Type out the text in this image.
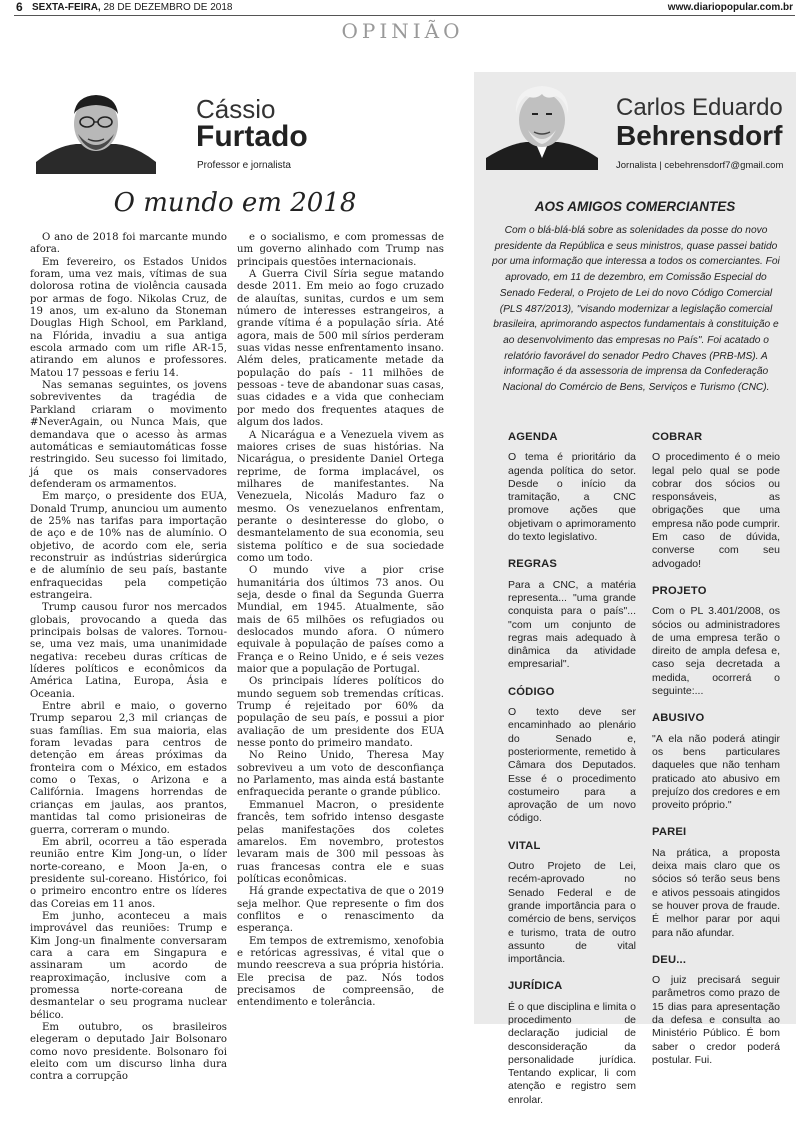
6 SEXTA-FEIRA, 28 DE DEZEMBRO DE 2018	www.diariopopular.com.br
OPINIÃO
Cássio
Furtado
Professor e jornalista
Carlos Eduardo
Behrensdorf
Jornalista | cebehrensdorf7@gmail.com
O mundo em 2018

O ano de 2018 foi marcante mundo afora.

Em fevereiro, os Estados Unidos foram, uma vez mais, vítimas de sua dolorosa rotina de violência causada por armas de fogo. Nikolas Cruz, de 19 anos, um ex-aluno da Stoneman Douglas High School, em Parkland, na Flórida, invadiu a sua antiga escola armado com um rifle AR-15, atirando em alunos e professores. Matou 17 pessoas e feriu 14.

Nas semanas seguintes, os jovens sobreviventes da tragédia de Parkland criaram o movimento #NeverAgain, ou Nunca Mais, que demandava que o acesso às armas automáticas e semiautomáticas fosse restringido. Seu sucesso foi limitado, já que os mais conservadores defenderam os armamentos.

Em março, o presidente dos EUA, Donald Trump, anunciou um aumento de 25% nas tarifas para importação de aço e de 10% nas de alumínio. O objetivo, de acordo com ele, seria reconstruir as indústrias siderúrgica e de alumínio de seu país, bastante enfraquecidas pela competição estrangeira.

Trump causou furor nos mercados globais, provocando a queda das principais bolsas de valores. Tornou-se, uma vez mais, uma unanimidade negativa: recebeu duras críticas de líderes políticos e econômicos da América Latina, Europa, Ásia e Oceania.

Entre abril e maio, o governo Trump separou 2,3 mil crianças de suas famílias. Em sua maioria, elas foram levadas para centros de detenção em áreas próximas da fronteira com o México, em estados como o Texas, o Arizona e a Califórnia. Imagens horrendas de crianças em jaulas, aos prantos, mantidas tal como prisioneiras de guerra, correram o mundo.

Em abril, ocorreu a tão esperada reunião entre Kim Jong-un, o líder norte-coreano, e Moon Ja-en, o presidente sul-coreano. Histórico, foi o primeiro encontro entre os líderes das Coreias em 11 anos.

Em junho, aconteceu a mais improvável das reuniões: Trump e Kim Jong-un finalmente conversaram cara a cara em Singapura e assinaram um acordo de reaproximação, inclusive com a promessa norte-coreana de desmantelar o seu programa nuclear bélico.

Em outubro, os brasileiros elegeram o deputado Jair Bolsonaro como novo presidente. Bolsonaro foi eleito com um discurso linha dura contra a corrupção

e o socialismo, e com promessas de um governo alinhado com Trump nas principais questões internacionais.

A Guerra Civil Síria segue matando desde 2011. Em meio ao fogo cruzado de alauítas, sunitas, curdos e um sem número de interesses estrangeiros, a grande vítima é a população síria. Até agora, mais de 500 mil sírios perderam suas vidas nesse enfrentamento insano. Além deles, praticamente metade da população do país - 11 milhões de pessoas - teve de abandonar suas casas, suas cidades e a vida que conheciam por medo dos frequentes ataques de algum dos lados.

A Nicarágua e a Venezuela vivem as maiores crises de suas histórias. Na Nicarágua, o presidente Daniel Ortega reprime, de forma implacável, os milhares de manifestantes. Na Venezuela, Nicolás Maduro faz o mesmo. Os venezuelanos enfrentam, perante o desinteresse do globo, o desmantelamento de sua economia, seu sistema político e de sua sociedade como um todo.

O mundo vive a pior crise humanitária dos últimos 73 anos. Ou seja, desde o final da Segunda Guerra Mundial, em 1945. Atualmente, são mais de 65 milhões os refugiados ou deslocados mundo afora. O número equivale à população de países como a França e o Reino Unido, e é seis vezes maior que a população de Portugal.

Os principais líderes políticos do mundo seguem sob tremendas críticas. Trump é rejeitado por 60% da população de seu país, e possui a pior avaliação de um presidente dos EUA nesse ponto do primeiro mandato.

No Reino Unido, Theresa May sobreviveu a um voto de desconfiança no Parlamento, mas ainda está bastante enfraquecida perante o grande público.

Emmanuel Macron, o presidente francês, tem sofrido intenso desgaste pelas manifestações dos coletes amarelos. Em novembro, protestos levaram mais de 300 mil pessoas às ruas francesas contra ele e suas políticas econômicas.

Há grande expectativa de que o 2019 seja melhor. Que represente o fim dos conflitos e o renascimento da esperança.

Em tempos de extremismo, xenofobia e retóricas agressivas, é vital que o mundo reescreva a sua própria história. Ele precisa de paz. Nós todos precisamos de compreensão, de entendimento e tolerância.

AOS AMIGOS COMERCIANTES
Com o blá-blá-blá sobre as solenidades da posse do novo presidente da República e seus ministros, quase passei batido por uma informação que interessa a todos os comerciantes. Foi aprovado, em 11 de dezembro, em Comissão Especial do Senado Federal, o Projeto de Lei do novo Código Comercial (PLS 487/2013), "visando modernizar a legislação comercial brasileira, aprimorando aspectos fundamentais à constituição e ao desenvolvimento das empresas no País". Foi acatado o relatório favorável do senador Pedro Chaves (PRB-MS). A informação é da assessoria de imprensa da Confederação Nacional do Comércio de Bens, Serviços e Turismo (CNC).
AGENDA
O tema é prioritário da agenda política do setor. Desde o início da tramitação, a CNC promove ações que objetivam o aprimoramento do texto legislativo.
REGRAS
Para a CNC, a matéria representa... "uma grande conquista para o país"... "com um conjunto de regras mais adequado à dinâmica da atividade empresarial".
CÓDIGO
O texto deve ser encaminhado ao plenário do Senado e, posteriormente, remetido à Câmara dos Deputados. Esse é o procedimento costumeiro para a aprovação de um novo código.
VITAL
Outro Projeto de Lei, recém-aprovado no Senado Federal e de grande importância para o comércio de bens, serviços e turismo, trata de outro assunto de vital importância.
JURÍDICA
É o que disciplina e limita o procedimento de declaração judicial de desconsideração da personalidade jurídica. Tentando explicar, li com atenção e registro sem enrolar.
COBRAR
O procedimento é o meio legal pelo qual se pode cobrar dos sócios ou responsáveis, as obrigações que uma empresa não pode cumprir. Em caso de dúvida, converse com seu advogado!
PROJETO
Com o PL 3.401/2008, os sócios ou administradores de uma empresa terão o direito de ampla defesa e, caso seja decretada a medida, ocorrerá o seguinte:...
ABUSIVO
"A ela não poderá atingir os bens particulares daqueles que não tenham praticado ato abusivo em prejuízo dos credores e em proveito próprio."
PAREI
Na prática, a proposta deixa mais claro que os sócios só terão seus bens e ativos pessoais atingidos se houver prova de fraude. É melhor parar por aqui para não afundar.
DEU...
O juiz precisará seguir parâmetros como prazo de 15 dias para apresentação da defesa e consulta ao Ministério Público. É bom saber o credor poderá postular. Fui.
